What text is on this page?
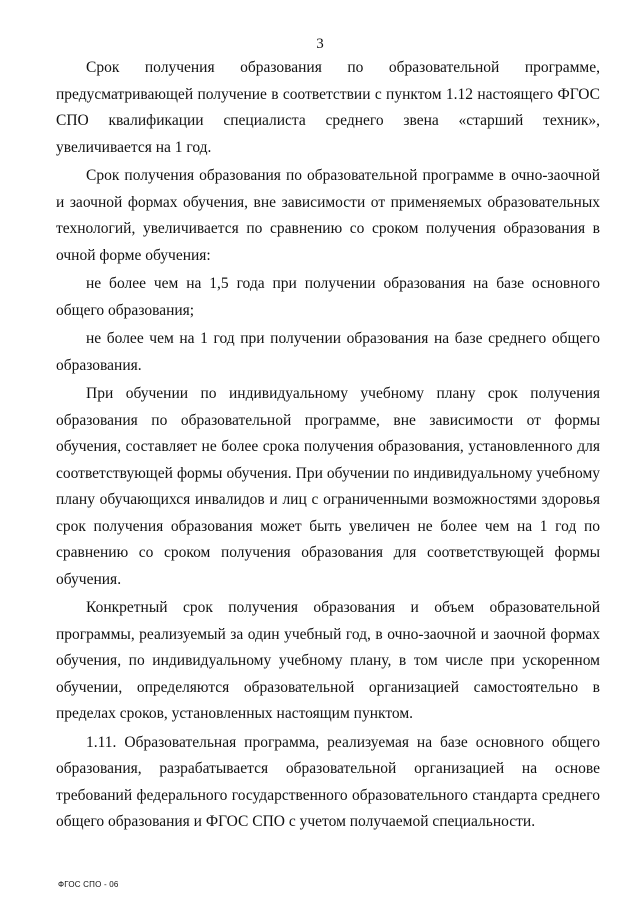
3

Срок получения образования по образовательной программе, предусматривающей получение в соответствии с пунктом 1.12 настоящего ФГОС СПО квалификации специалиста среднего звена «старший техник», увеличивается на 1 год.

Срок получения образования по образовательной программе в очно-заочной и заочной формах обучения, вне зависимости от применяемых образовательных технологий, увеличивается по сравнению со сроком получения образования в очной форме обучения:

не более чем на 1,5 года при получении образования на базе основного общего образования;

не более чем на 1 год при получении образования на базе среднего общего образования.

При обучении по индивидуальному учебному плану срок получения образования по образовательной программе, вне зависимости от формы обучения, составляет не более срока получения образования, установленного для соответствующей формы обучения. При обучении по индивидуальному учебному плану обучающихся инвалидов и лиц с ограниченными возможностями здоровья срок получения образования может быть увеличен не более чем на 1 год по сравнению со сроком получения образования для соответствующей формы обучения.

Конкретный срок получения образования и объем образовательной программы, реализуемый за один учебный год, в очно-заочной и заочной формах обучения, по индивидуальному учебному плану, в том числе при ускоренном обучении, определяются образовательной организацией самостоятельно в пределах сроков, установленных настоящим пунктом.

1.11. Образовательная программа, реализуемая на базе основного общего образования, разрабатывается образовательной организацией на основе требований федерального государственного образовательного стандарта среднего общего образования и ФГОС СПО с учетом получаемой специальности.

ФГОС СПО - 06
